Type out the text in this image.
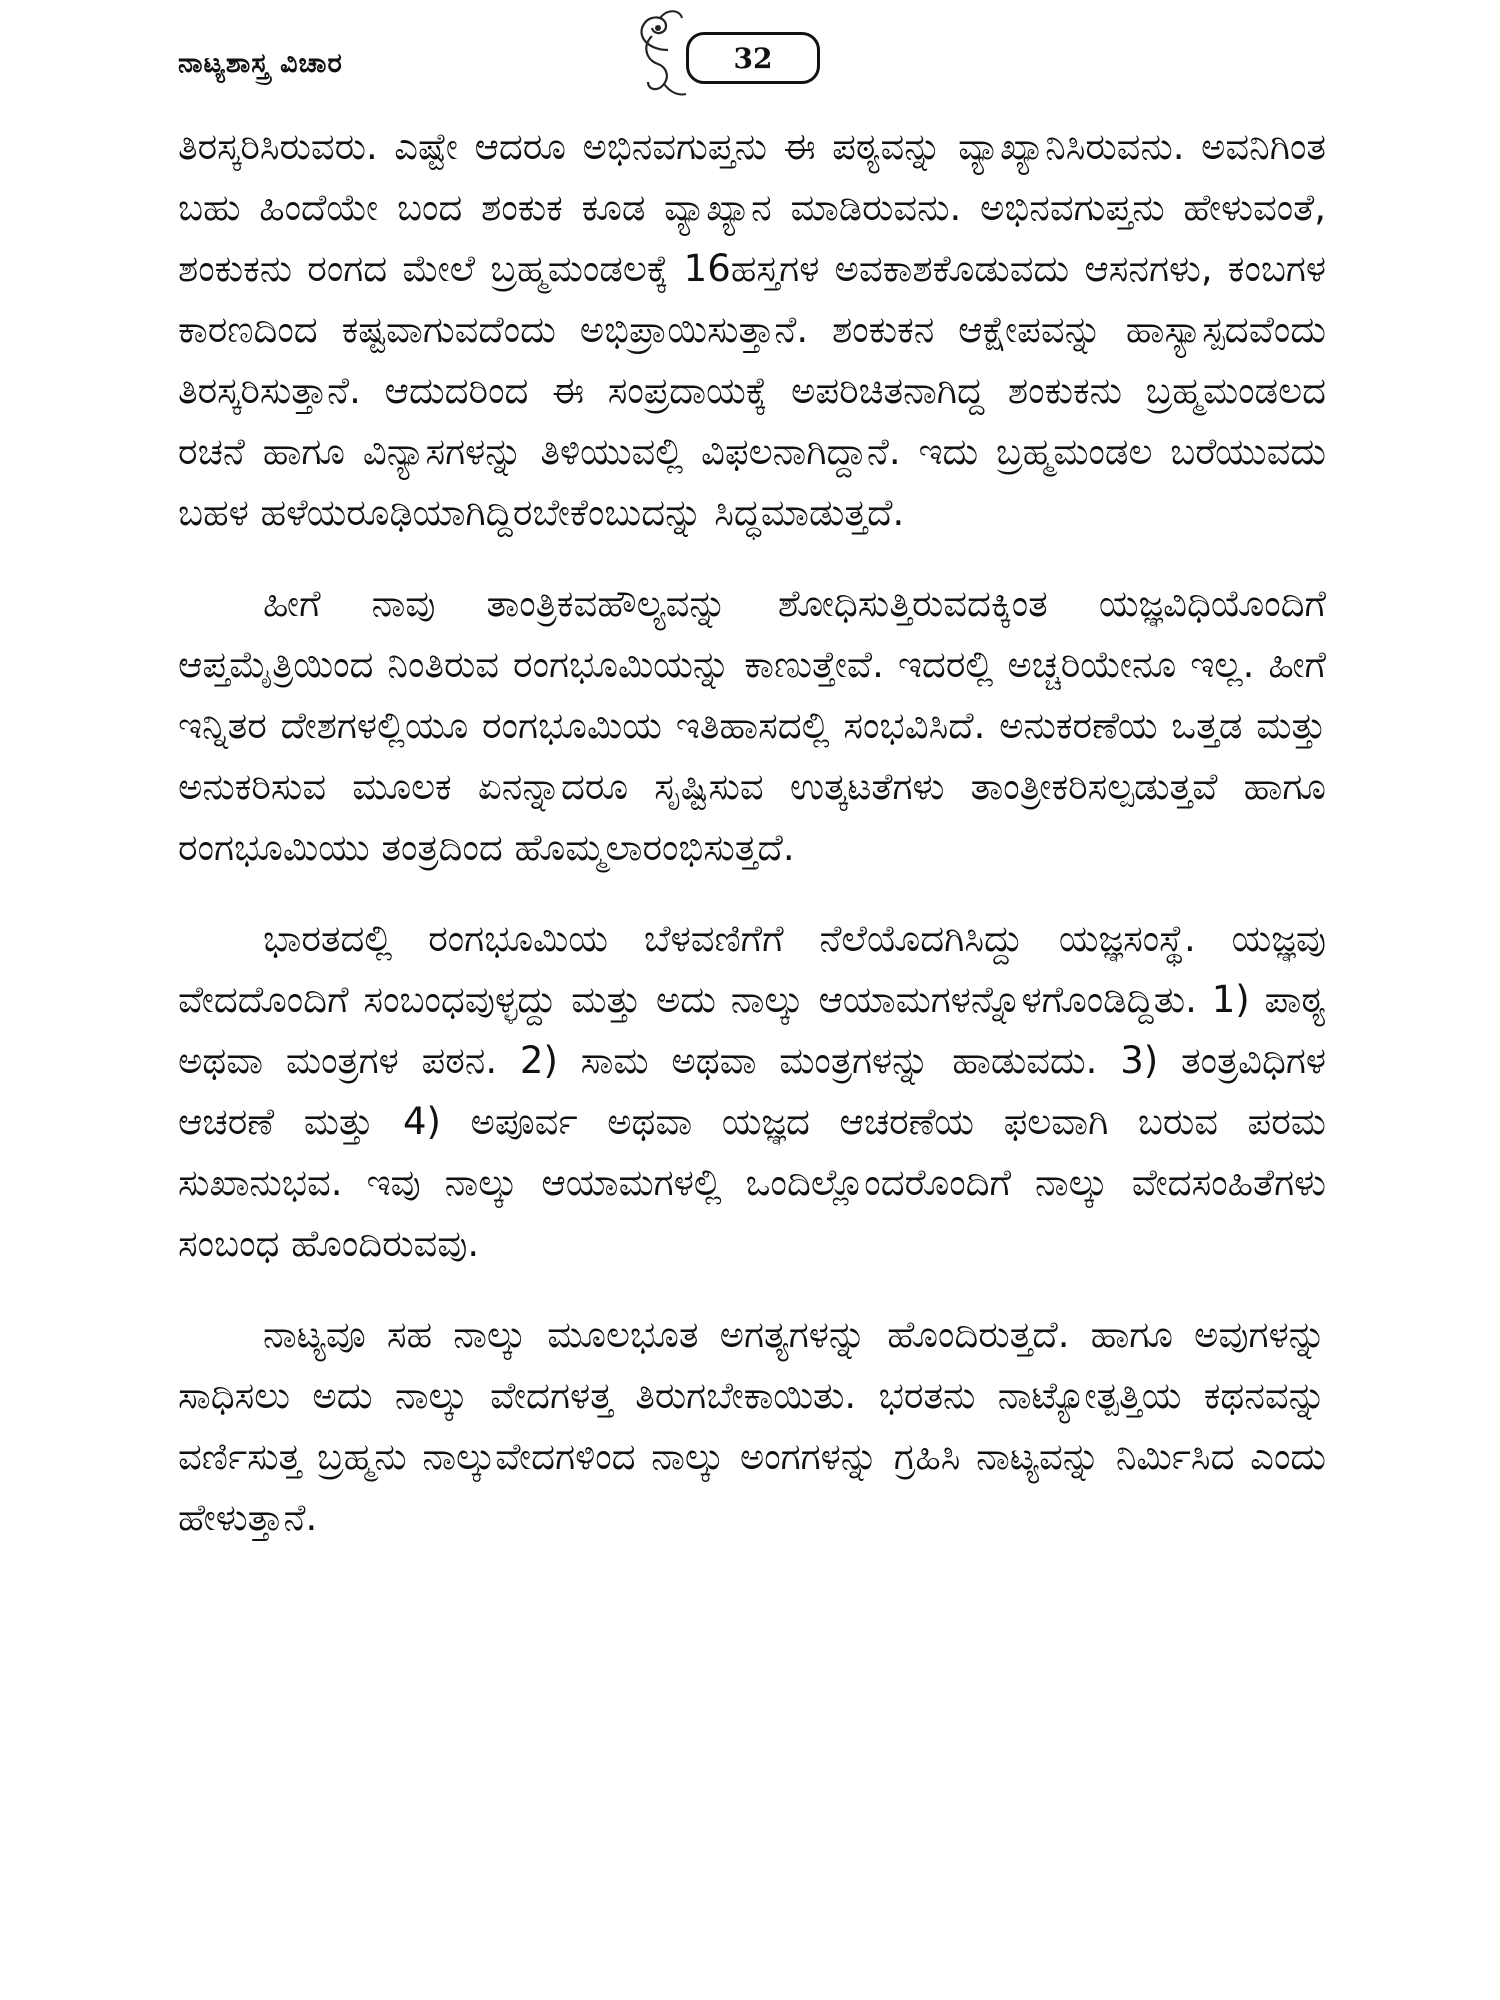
ನಾಟ್ಯಶಾಸ್ತ್ರ ವಿಚಾರ	32

ತಿರಸ್ಕರಿಸಿರುವರು. ಎಷ್ಟೇ ಆದರೂ ಅಭಿನವಗುಪ್ತನು ಈ ಪಠ್ಯವನ್ನು ವ್ಯಾಖ್ಯಾನಿಸಿರುವನು. ಅವನಿಗಿಂತ ಬಹು ಹಿಂದೆಯೇ ಬಂದ ಶಂಕುಕ ಕೂಡ ವ್ಯಾಖ್ಯಾನ ಮಾಡಿರುವನು. ಅಭಿನವಗುಪ್ತನು ಹೇಳುವಂತೆ, ಶಂಕುಕನು ರಂಗದ ಮೇಲೆ ಬ್ರಹ್ಮಮಂಡಲಕ್ಕೆ 16ಹಸ್ತಗಳ ಅವಕಾಶಕೊಡುವದು ಆಸನಗಳು, ಕಂಬಗಳ ಕಾರಣದಿಂದ ಕಷ್ಟವಾಗುವದೆಂದು ಅಭಿಪ್ರಾಯಿಸುತ್ತಾನೆ. ಶಂಕುಕನ ಆಕ್ಷೇಪವನ್ನು ಹಾಸ್ಯಾಸ್ಪದವೆಂದು ತಿರಸ್ಕರಿಸುತ್ತಾನೆ. ಆದುದರಿಂದ ಈ ಸಂಪ್ರದಾಯಕ್ಕೆ ಅಪರಿಚಿತನಾಗಿದ್ದ ಶಂಕುಕನು ಬ್ರಹ್ಮಮಂಡಲದ ರಚನೆ ಹಾಗೂ ವಿನ್ಯಾಸಗಳನ್ನು ತಿಳಿಯುವಲ್ಲಿ ವಿಫಲನಾಗಿದ್ದಾನೆ. ಇದು ಬ್ರಹ್ಮಮಂಡಲ ಬರೆಯುವದು ಬಹಳ ಹಳೆಯರೂಢಿಯಾಗಿದ್ದಿರಬೇಕೆಂಬುದನ್ನು ಸಿದ್ಧಮಾಡುತ್ತದೆ.

ಹೀಗೆ ನಾವು ತಾಂತ್ರಿಕವಹೌಲ್ಯವನ್ನು ಶೋಧಿಸುತ್ತಿರುವದಕ್ಕಿಂತ ಯಜ್ಞವಿಧಿಯೊಂದಿಗೆ ಆಪ್ತಮೈತ್ರಿಯಿಂದ ನಿಂತಿರುವ ರಂಗಭೂಮಿಯನ್ನು ಕಾಣುತ್ತೇವೆ. ಇದರಲ್ಲಿ ಅಚ್ಚರಿಯೇನೂ ಇಲ್ಲ. ಹೀಗೆ ಇನ್ನಿತರ ದೇಶಗಳಲ್ಲಿಯೂ ರಂಗಭೂಮಿಯ ಇತಿಹಾಸದಲ್ಲಿ ಸಂಭವಿಸಿದೆ. ಅನುಕರಣೆಯ ಒತ್ತಡ ಮತ್ತು ಅನುಕರಿಸುವ ಮೂಲಕ ಏನನ್ನಾದರೂ ಸೃಷ್ಟಿಸುವ ಉತ್ಕಟತೆಗಳು ತಾಂತ್ರೀಕರಿಸಲ್ಪಡುತ್ತವೆ ಹಾಗೂ ರಂಗಭೂಮಿಯು ತಂತ್ರದಿಂದ ಹೊಮ್ಮಲಾರಂಭಿಸುತ್ತದೆ.

ಭಾರತದಲ್ಲಿ ರಂಗಭೂಮಿಯ ಬೆಳವಣಿಗೆಗೆ ನೆಲೆಯೊದಗಿಸಿದ್ದು ಯಜ್ಞಸಂಸ್ಥೆ. ಯಜ್ಞವು ವೇದದೊಂದಿಗೆ ಸಂಬಂಧವುಳ್ಳದ್ದು ಮತ್ತು ಅದು ನಾಲ್ಕು ಆಯಾಮಗಳನ್ನೊಳಗೊಂಡಿದ್ದಿತು. 1) ಪಾಠ್ಯ ಅಥವಾ ಮಂತ್ರಗಳ ಪಠನ. 2) ಸಾಮ ಅಥವಾ ಮಂತ್ರಗಳನ್ನು ಹಾಡುವದು. 3) ತಂತ್ರವಿಧಿಗಳ ಆಚರಣೆ ಮತ್ತು 4) ಅಪೂರ್ವ ಅಥವಾ ಯಜ್ಞದ ಆಚರಣೆಯ ಫಲವಾಗಿ ಬರುವ ಪರಮ ಸುಖಾನುಭವ. ಇವು ನಾಲ್ಕು ಆಯಾಮಗಳಲ್ಲಿ ಒಂದಿಲ್ಲೊಂದರೊಂದಿಗೆ ನಾಲ್ಕು ವೇದಸಂಹಿತೆಗಳು ಸಂಬಂಧ ಹೊಂದಿರುವವು.

ನಾಟ್ಯವೂ ಸಹ ನಾಲ್ಕು ಮೂಲಭೂತ ಅಗತ್ಯಗಳನ್ನು ಹೊಂದಿರುತ್ತದೆ. ಹಾಗೂ ಅವುಗಳನ್ನು ಸಾಧಿಸಲು ಅದು ನಾಲ್ಕು ವೇದಗಳತ್ತ ತಿರುಗಬೇಕಾಯಿತು. ಭರತನು ನಾಟ್ಯೋತ್ಪತ್ತಿಯ ಕಥನವನ್ನು ವರ್ಣಿಸುತ್ತ ಬ್ರಹ್ಮನು ನಾಲ್ಕುವೇದಗಳಿಂದ ನಾಲ್ಕು ಅಂಗಗಳನ್ನು ಗ್ರಹಿಸಿ ನಾಟ್ಯವನ್ನು ನಿರ್ಮಿಸಿದ ಎಂದು ಹೇಳುತ್ತಾನೆ.
